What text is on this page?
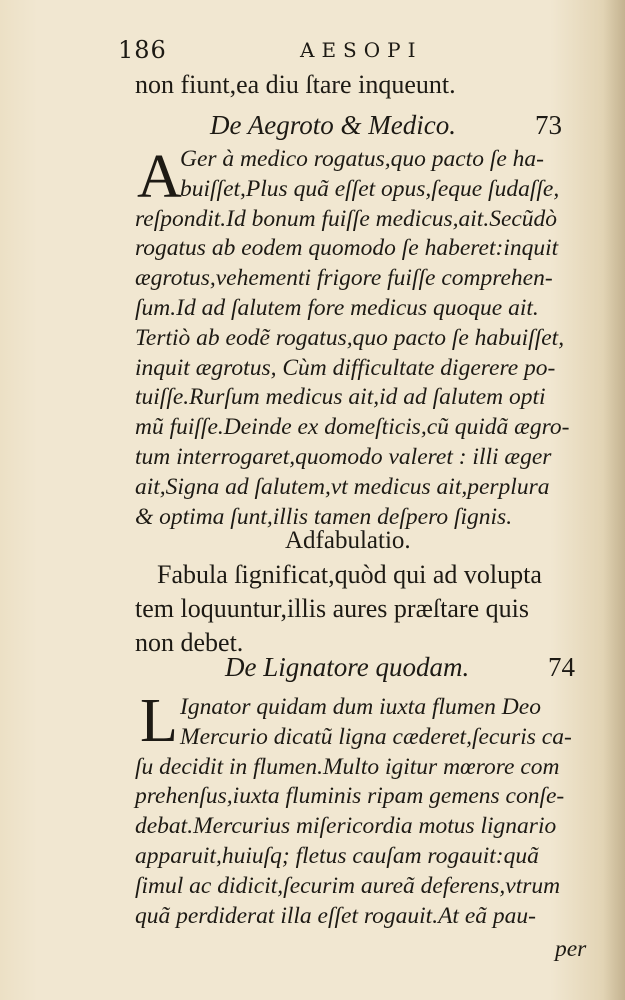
186	AESOPI
non fiunt,ea diu ſtare inqueunt.
De Aegroto & Medico.	73
A
Ger à medico rogatus,quo pacto ſe ha-
buiſſet,Plus quã eſſet opus,ſeque ſudaſſe,
reſpondit.Id bonum fuiſſe medicus,ait.Secũdò
rogatus ab eodem quomodo ſe haberet:inquit
ægrotus,vehementi frigore fuiſſe comprehen-
ſum.Id ad ſalutem fore medicus quoque ait.
Tertiò ab eodẽ rogatus,quo pacto ſe habuiſſet,
inquit ægrotus, Cùm difficultate digerere po-
tuiſſe.Rurſum medicus ait,id ad ſalutem opti
mũ fuiſſe.Deinde ex domeſticis,cũ quidã ægro-
tum interrogaret,quomodo valeret : illi æger
ait,Signa ad ſalutem,vt medicus ait,perplura
& optima ſunt,illis tamen deſpero ſignis.
Adfabulatio.
Fabula ſignificat,quòd qui ad volupta
tem loquuntur,illis aures præſtare quis
non debet.
De Lignatore quodam.	74
L Ignator quidam dum iuxta flumen Deo
Mercurio dicatũ ligna cæderet,ſecuris ca-
ſu decidit in flumen.Multo igitur mœrore com
prehenſus,iuxta fluminis ripam gemens conſe-
debat.Mercurius miſericordia motus lignario
apparuit,huiuſq; fletus cauſam rogauit:quã
ſimul ac didicit,ſecurim aureã deferens,vtrum
quã perdiderat illa eſſet rogauit.At eã pau-
per
